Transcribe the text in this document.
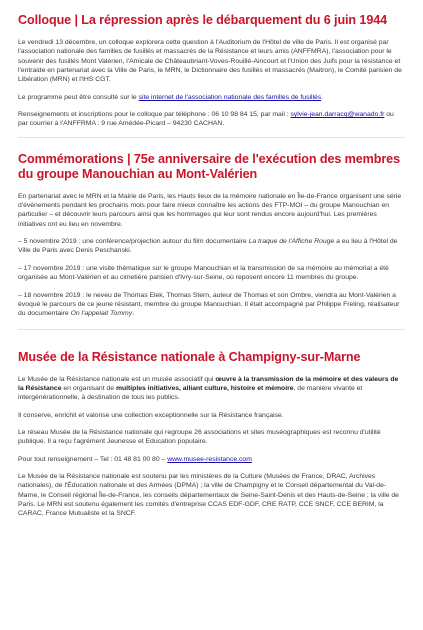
Colloque | La répression après le débarquement du 6 juin 1944

Le vendredi 13 décembre, un colloque explorera cette question à l'Auditorium de l'Hôtel de ville de Paris. Il est organisé par l'association nationale des familles de fusillés et massacrés de la Résistance et leurs amis (ANFFMRA), l'association pour le souvenir des fusillés Mont Valérien, l'Amicale de Châteaubriant-Voves-Rouillé-Aincourt et l'Union des Juifs pour la résistance et l'entraide en partenariat avec la Ville de Paris, le MRN, le Dictionnaire des fusillés et massacrés (Maitron), le Comité parisien de Libération (MRN) et l'IHS CGT.

Le programme peut être consulté sur le site internet de l'association nationale des familles de fusillés.

Renseignements et inscriptions pour le colloque par téléphone : 06 10 98 84 15, par mail : sylvie-jean.darracq@wanado.fr ou par courrier à l'ANFFRMA : 9 rue Amédée-Picard – 94230 CACHAN.

Commémorations | 75e anniversaire de l'exécution des membres du groupe Manouchian au Mont-Valérien

En partenariat avec le MRN et la Mairie de Paris, les Hauts lieux de la mémoire nationale en Île-de-France organisent une série d'événements pendant les prochains mois pour faire mieux connaître les actions des FTP-MOI – du groupe Manouchian en particulier – et découvrir leurs parcours ainsi que les hommages qui leur sont rendus encore aujourd'hui. Les premières initiatives ont eu lieu en novembre.

– 5 novembre 2019 : une conférence/projection autour du film documentaire La traque de l'Affiche Rouge a eu lieu à l'Hôtel de Ville de Paris avec Denis Peschanski.

– 17 novembre 2019 : une visite thématique sur le groupe Manouchian et la transmission de sa mémoire au mémorial a été organisée au Mont-Valérien et au cimetière parisien d'Ivry-sur-Seine, où reposent encore 11 membres du groupe.

– 18 novembre 2019 : le neveu de Thomas Elek, Thomas Stern, auteur de Thomas et son Ombre, viendra au Mont-Valérien a évoqué le parcours de ce jeune résistant, membre du groupe Manouchian. Il était accompagné par Philippe Freling, réalisateur du documentaire On l'appelait Tommy.

Musée de la Résistance nationale à Champigny-sur-Marne

Le Musée de la Résistance nationale est un musée associatif qui œuvre à la transmission de la mémoire et des valeurs de la Résistance en organisant de multiples initiatives, alliant culture, histoire et mémoire, de manière vivante et intergénérationnelle, à destination de tous les publics.

Il conserve, enrichit et valorise une collection exceptionnelle sur la Résistance française.

Le réseau Musée de la Résistance nationale qui regroupe 26 associations et sites muséographiques est reconnu d'utilité publique. Il a reçu l'agrément Jeunesse et Education populaire.

Pour tout renseignement – Tel : 01 48 81 00 80 – www.musee-resistance.com

Le Musée de la Résistance nationale est soutenu par les ministères de la Culture (Musées de France, DRAC, Archives nationales), de l'Éducation nationale et des Armées (DPMA) ; la ville de Champigny et le Conseil départemental du Val-de-Marne, le Conseil régional Île-de-France, les conseils départementaux de Seine-Saint-Denis et des Hauts-de-Seine ; la ville de Paris. Le MRN est soutenu également les comités d'entreprise CCAS EDF-GDF, CRE RATP, CCE SNCF, CCE BERIM, la CARAC, France Mutualiste et la SNCF.
